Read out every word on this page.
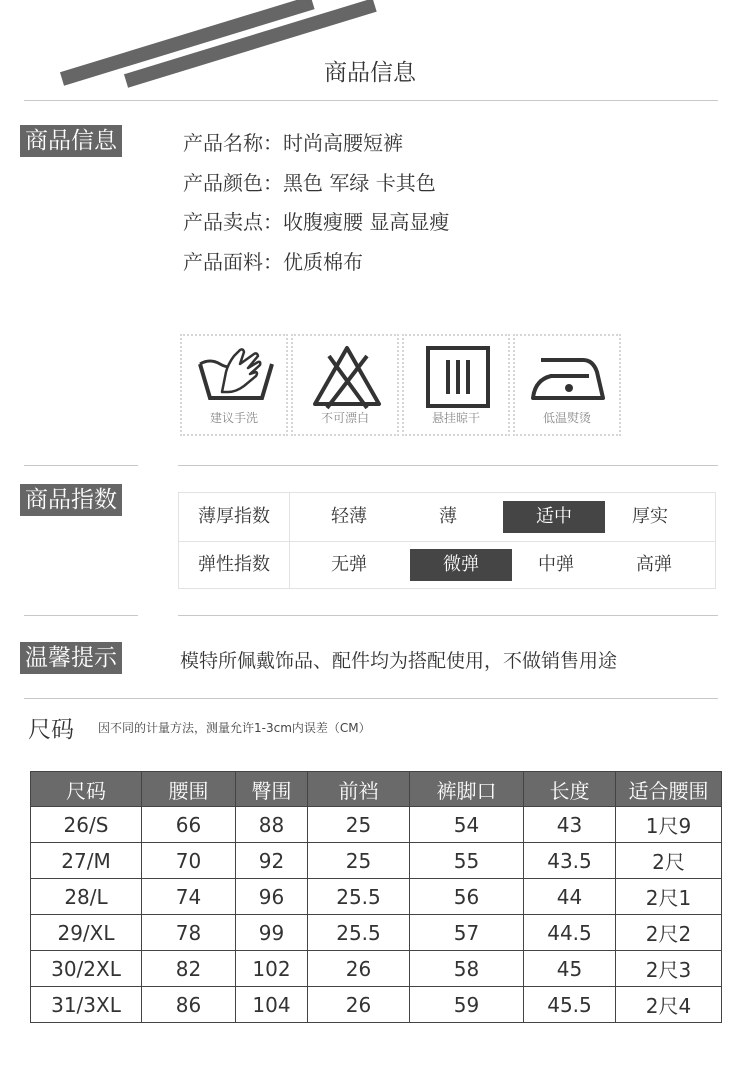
商品信息
商品信息	产品名称：时尚高腰短裤
产品颜色：黑色 军绿 卡其色
产品卖点：收腹瘦腰 显高显瘦
产品面料：优质棉布
建议手洗	不可漂白	悬挂晾干	低温熨烫
商品指数
薄厚指数	轻薄	薄	适中	厚实
弹性指数	无弹	微弹	中弹	高弹
温馨提示	模特所佩戴饰品、配件均为搭配使用，不做销售用途
尺码 因不同的计量方法，测量允许1-3cm内误差（CM）
尺码	腰围	臀围	前裆	裤脚口	长度	适合腰围
26/S	66	88	25	54	43	1尺9
27/M	70	92	25	55	43.5	2尺
28/L	74	96	25.5	56	44	2尺1
29/XL	78	99	25.5	57	44.5	2尺2
30/2XL	82	102	26	58	45	2尺3
31/3XL	86	104	26	59	45.5	2尺4
